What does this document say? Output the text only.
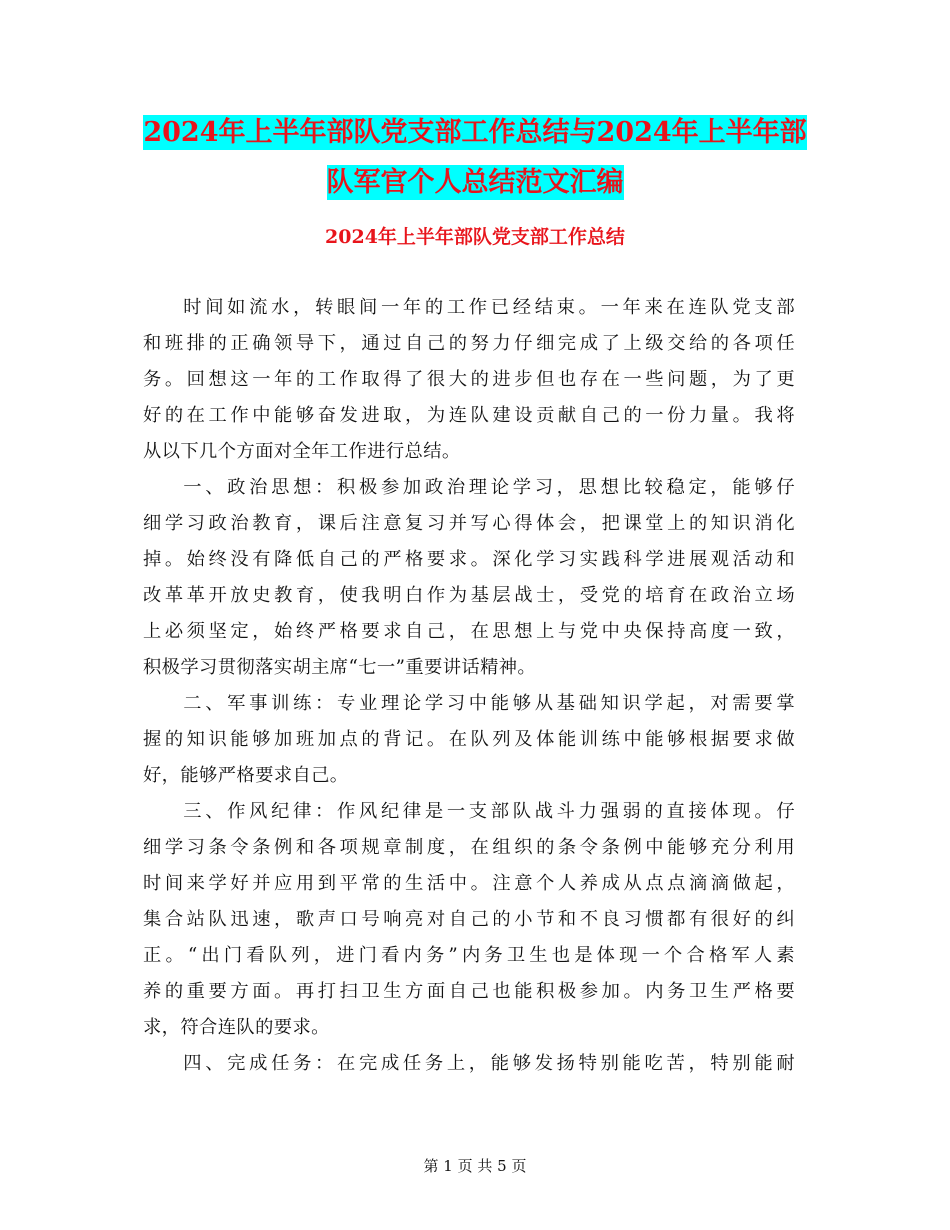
2024年上半年部队党支部工作总结与2024年上半年部
队军官个人总结范文汇编
2024年上半年部队党支部工作总结
时间如流水，转眼间一年的工作已经结束。一年来在连队党支部
和班排的正确领导下，通过自己的努力仔细完成了上级交给的各项任
务。回想这一年的工作取得了很大的进步但也存在一些问题，为了更
好的在工作中能够奋发进取，为连队建设贡献自己的一份力量。我将
从以下几个方面对全年工作进行总结。
一、政治思想：积极参加政治理论学习，思想比较稳定，能够仔
细学习政治教育，课后注意复习并写心得体会，把课堂上的知识消化
掉。始终没有降低自己的严格要求。深化学习实践科学进展观活动和
改革革开放史教育，使我明白作为基层战士，受党的培育在政治立场
上必须坚定，始终严格要求自己，在思想上与党中央保持高度一致，
积极学习贯彻落实胡主席“七一”重要讲话精神。
二、军事训练：专业理论学习中能够从基础知识学起，对需要掌
握的知识能够加班加点的背记。在队列及体能训练中能够根据要求做
好，能够严格要求自己。
三、作风纪律：作风纪律是一支部队战斗力强弱的直接体现。仔
细学习条令条例和各项规章制度，在组织的条令条例中能够充分利用
时间来学好并应用到平常的生活中。注意个人养成从点点滴滴做起，
集合站队迅速，歌声口号响亮对自己的小节和不良习惯都有很好的纠
正。“出门看队列，进门看内务”内务卫生也是体现一个合格军人素
养的重要方面。再打扫卫生方面自己也能积极参加。内务卫生严格要
求，符合连队的要求。
四、完成任务：在完成任务上，能够发扬特别能吃苦，特别能耐
第 1 页 共 5 页
